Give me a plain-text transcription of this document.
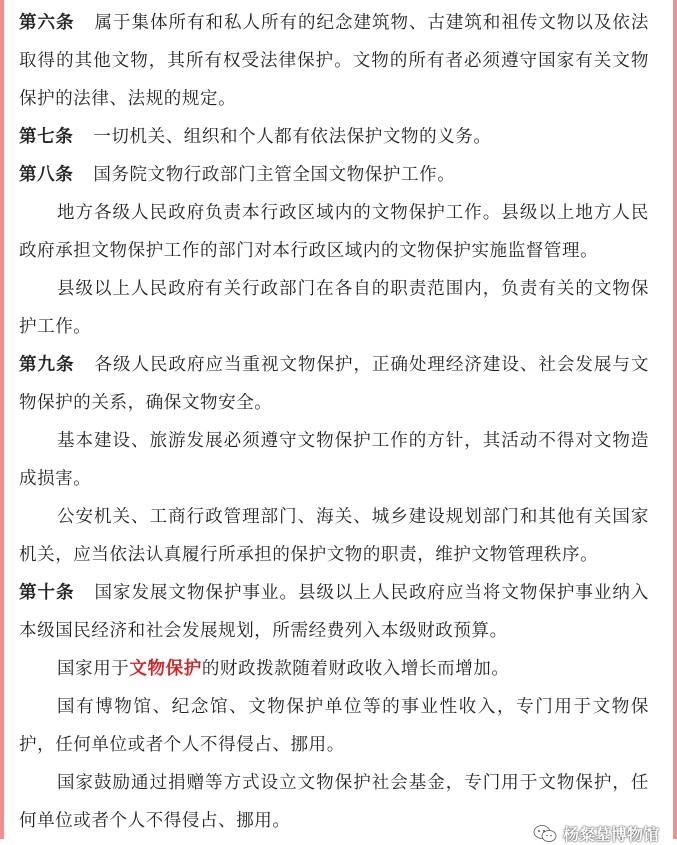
第六条 属于集体所有和私人所有的纪念建筑物、古建筑和祖传文物以及依法取得的其他文物，其所有权受法律保护。文物的所有者必须遵守国家有关文物保护的法律、法规的规定。

第七条 一切机关、组织和个人都有依法保护文物的义务。

第八条 国务院文物行政部门主管全国文物保护工作。

地方各级人民政府负责本行政区域内的文物保护工作。县级以上地方人民政府承担文物保护工作的部门对本行政区域内的文物保护实施监督管理。

县级以上人民政府有关行政部门在各自的职责范围内，负责有关的文物保护工作。

第九条 各级人民政府应当重视文物保护，正确处理经济建设、社会发展与文物保护的关系，确保文物安全。

基本建设、旅游发展必须遵守文物保护工作的方针，其活动不得对文物造成损害。

公安机关、工商行政管理部门、海关、城乡建设规划部门和其他有关国家机关，应当依法认真履行所承担的保护文物的职责，维护文物管理秩序。

第十条 国家发展文物保护事业。县级以上人民政府应当将文物保护事业纳入本级国民经济和社会发展规划，所需经费列入本级财政预算。

国家用于文物保护的财政拨款随着财政收入增长而增加。

国有博物馆、纪念馆、文物保护单位等的事业性收入，专门用于文物保护，任何单位或者个人不得侵占、挪用。

国家鼓励通过捐赠等方式设立文物保护社会基金，专门用于文物保护，任何单位或者个人不得侵占、挪用。

杨粲墓博物馆
